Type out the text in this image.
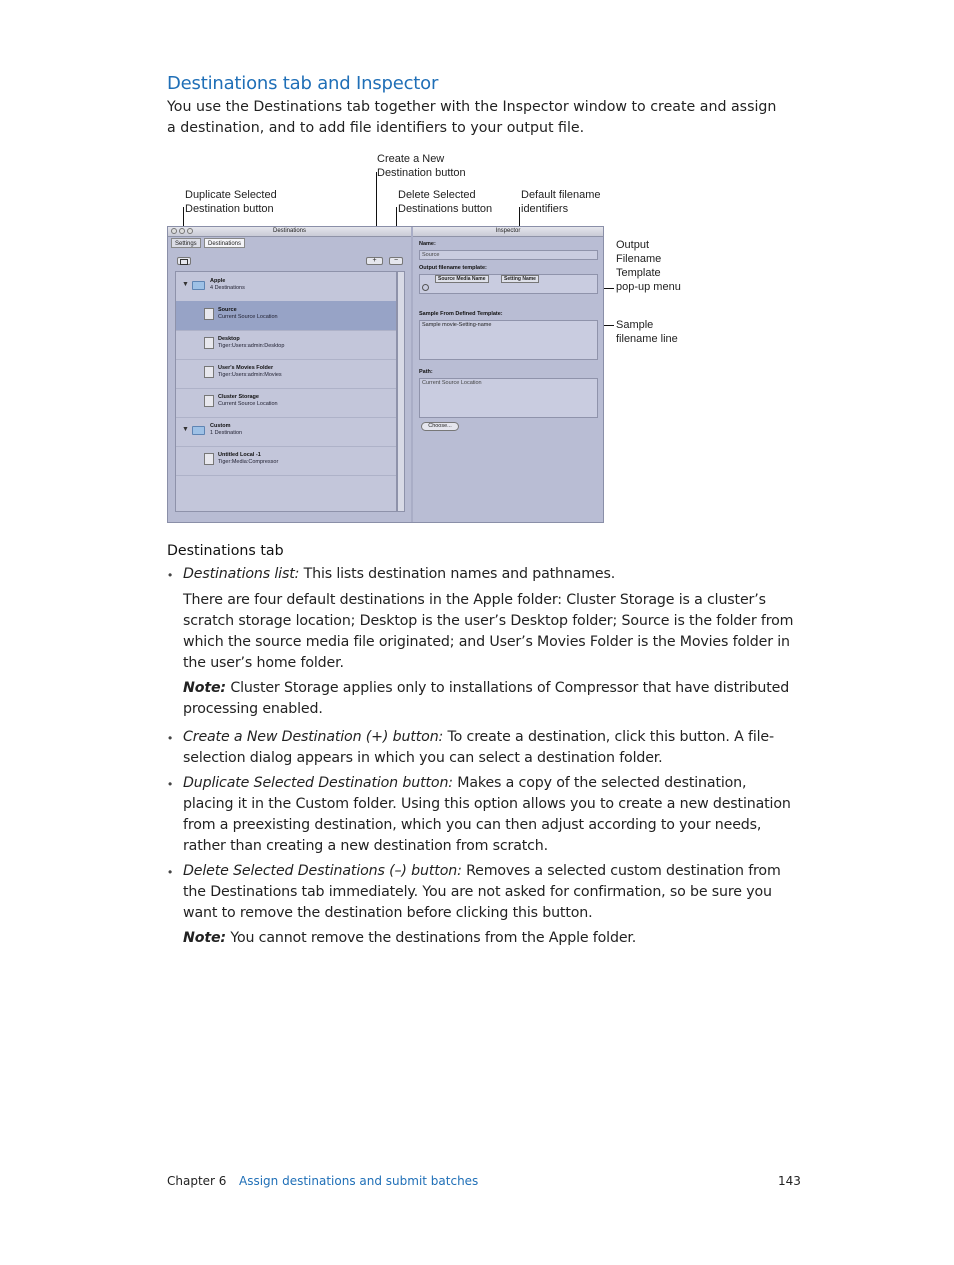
Destinations tab and Inspector
You use the Destinations tab together with the Inspector window to create and assign a destination, and to add file identifiers to your output file.
Create a New
Destination button
Duplicate Selected
Destination button
Delete Selected
Destinations button
Default filename
identifiers
Output
Filename
Template
pop-up menu
Sample
filename line
Destinations
Settings	Destinations
+	−
▼	Apple
4 Destinations
Source
Current Source Location
Desktop
Tiger:Users:admin:Desktop
User's Movies Folder
Tiger:Users:admin:Movies
Cluster Storage
Current Source Location
▼	Custom
1 Destination
Untitled Local -1
Tiger:Media:Compressor
Inspector
Name:
Source
Output filename template:
Source Media Name	Setting Name
Sample From Defined Template:
Sample movie-Setting-name
Path:
Current Source Location
Choose...
Destinations tab
• Destinations list: This lists destination names and pathnames.
There are four default destinations in the Apple folder: Cluster Storage is a cluster’s scratch storage location; Desktop is the user’s Desktop folder; Source is the folder from which the source media file originated; and User’s Movies Folder is the Movies folder in the user’s home folder.
Note: Cluster Storage applies only to installations of Compressor that have distributed processing enabled.
• Create a New Destination (+) button: To create a destination, click this button. A file-selection dialog appears in which you can select a destination folder.
• Duplicate Selected Destination button: Makes a copy of the selected destination, placing it in the Custom folder. Using this option allows you to create a new destination from a preexisting destination, which you can then adjust according to your needs, rather than creating a new destination from scratch.
• Delete Selected Destinations (–) button: Removes a selected custom destination from the Destinations tab immediately. You are not asked for confirmation, so be sure you want to remove the destination before clicking this button.
Note: You cannot remove the destinations from the Apple folder.
Chapter 6 Assign destinations and submit batches	143
